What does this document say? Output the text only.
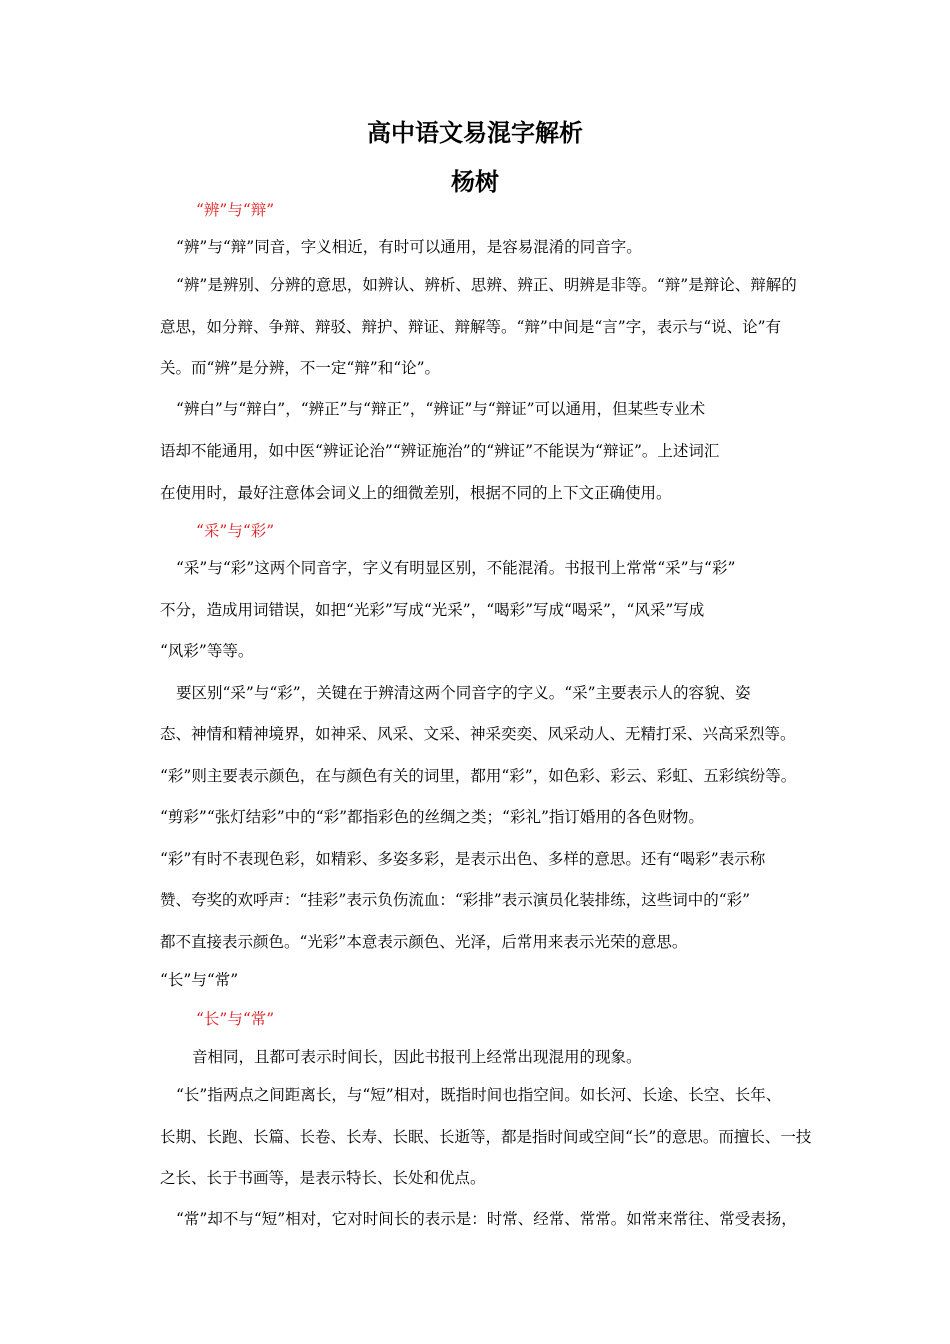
高中语文易混字解析
杨树
“辨”与“辩”
“辨”与“辩”同音，字义相近，有时可以通用，是容易混淆的同音字。
“辨”是辨别、分辨的意思，如辨认、辨析、思辨、辨正、明辨是非等。“辩”是辩论、辩解的
意思，如分辩、争辩、辩驳、辩护、辩证、辩解等。“辩”中间是“言”字，表示与“说、论”有
关。而“辨”是分辨，不一定“辩”和“论”。
“辨白”与“辩白”，“辨正”与“辩正”，“辨证”与“辩证”可以通用，但某些专业术
语却不能通用，如中医“辨证论治”“辨证施治”的“辨证”不能误为“辩证”。上述词汇
在使用时，最好注意体会词义上的细微差别，根据不同的上下文正确使用。
“采”与“彩”
“采”与“彩”这两个同音字，字义有明显区别，不能混淆。书报刊上常常“采”与“彩”
不分，造成用词错误，如把“光彩”写成“光采”，“喝彩”写成“喝采”，“风采”写成
“风彩”等等。
要区别“采”与“彩”，关键在于辨清这两个同音字的字义。“采”主要表示人的容貌、姿
态、神情和精神境界，如神采、风采、文采、神采奕奕、风采动人、无精打采、兴高采烈等。
“彩”则主要表示颜色，在与颜色有关的词里，都用“彩”，如色彩、彩云、彩虹、五彩缤纷等。
“剪彩”“张灯结彩”中的“彩”都指彩色的丝绸之类；“彩礼”指订婚用的各色财物。
“彩”有时不表现色彩，如精彩、多姿多彩，是表示出色、多样的意思。还有“喝彩”表示称
赞、夸奖的欢呼声：“挂彩”表示负伤流血：“彩排”表示演员化装排练，这些词中的“彩”
都不直接表示颜色。“光彩”本意表示颜色、光泽，后常用来表示光荣的意思。
“长”与“常”
“长”与“常”
音相同，且都可表示时间长，因此书报刊上经常出现混用的现象。
“长”指两点之间距离长，与“短”相对，既指时间也指空间。如长河、长途、长空、长年、
长期、长跑、长篇、长卷、长寿、长眠、长逝等，都是指时间或空间“长”的意思。而擅长、一技
之长、长于书画等，是表示特长、长处和优点。
“常”却不与“短”相对，它对时间长的表示是：时常、经常、常常。如常来常往、常受表扬，
